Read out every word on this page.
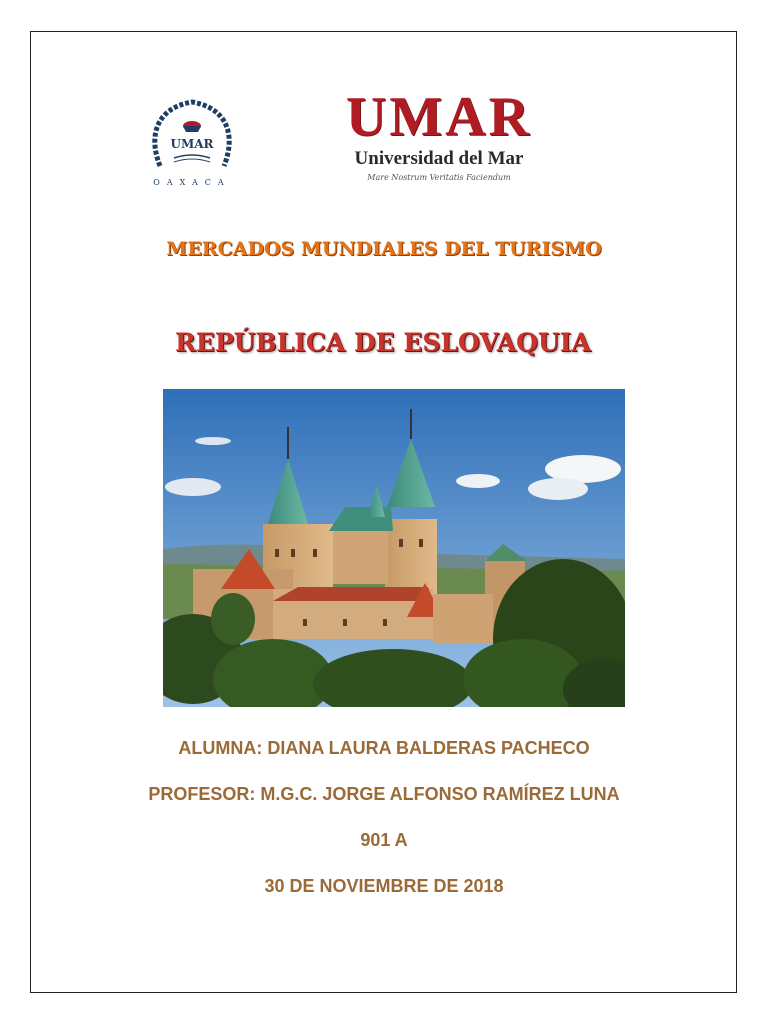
UMAR
OAXACA
UMAR
Universidad del Mar
Mare Nostrum Veritatis Faciendum
MERCADOS MUNDIALES DEL TURISMO
REPÚBLICA DE ESLOVAQUIA
ALUMNA: DIANA LAURA BALDERAS PACHECO
PROFESOR: M.G.C. JORGE ALFONSO RAMÍREZ LUNA
901 A
30 DE NOVIEMBRE DE 2018
